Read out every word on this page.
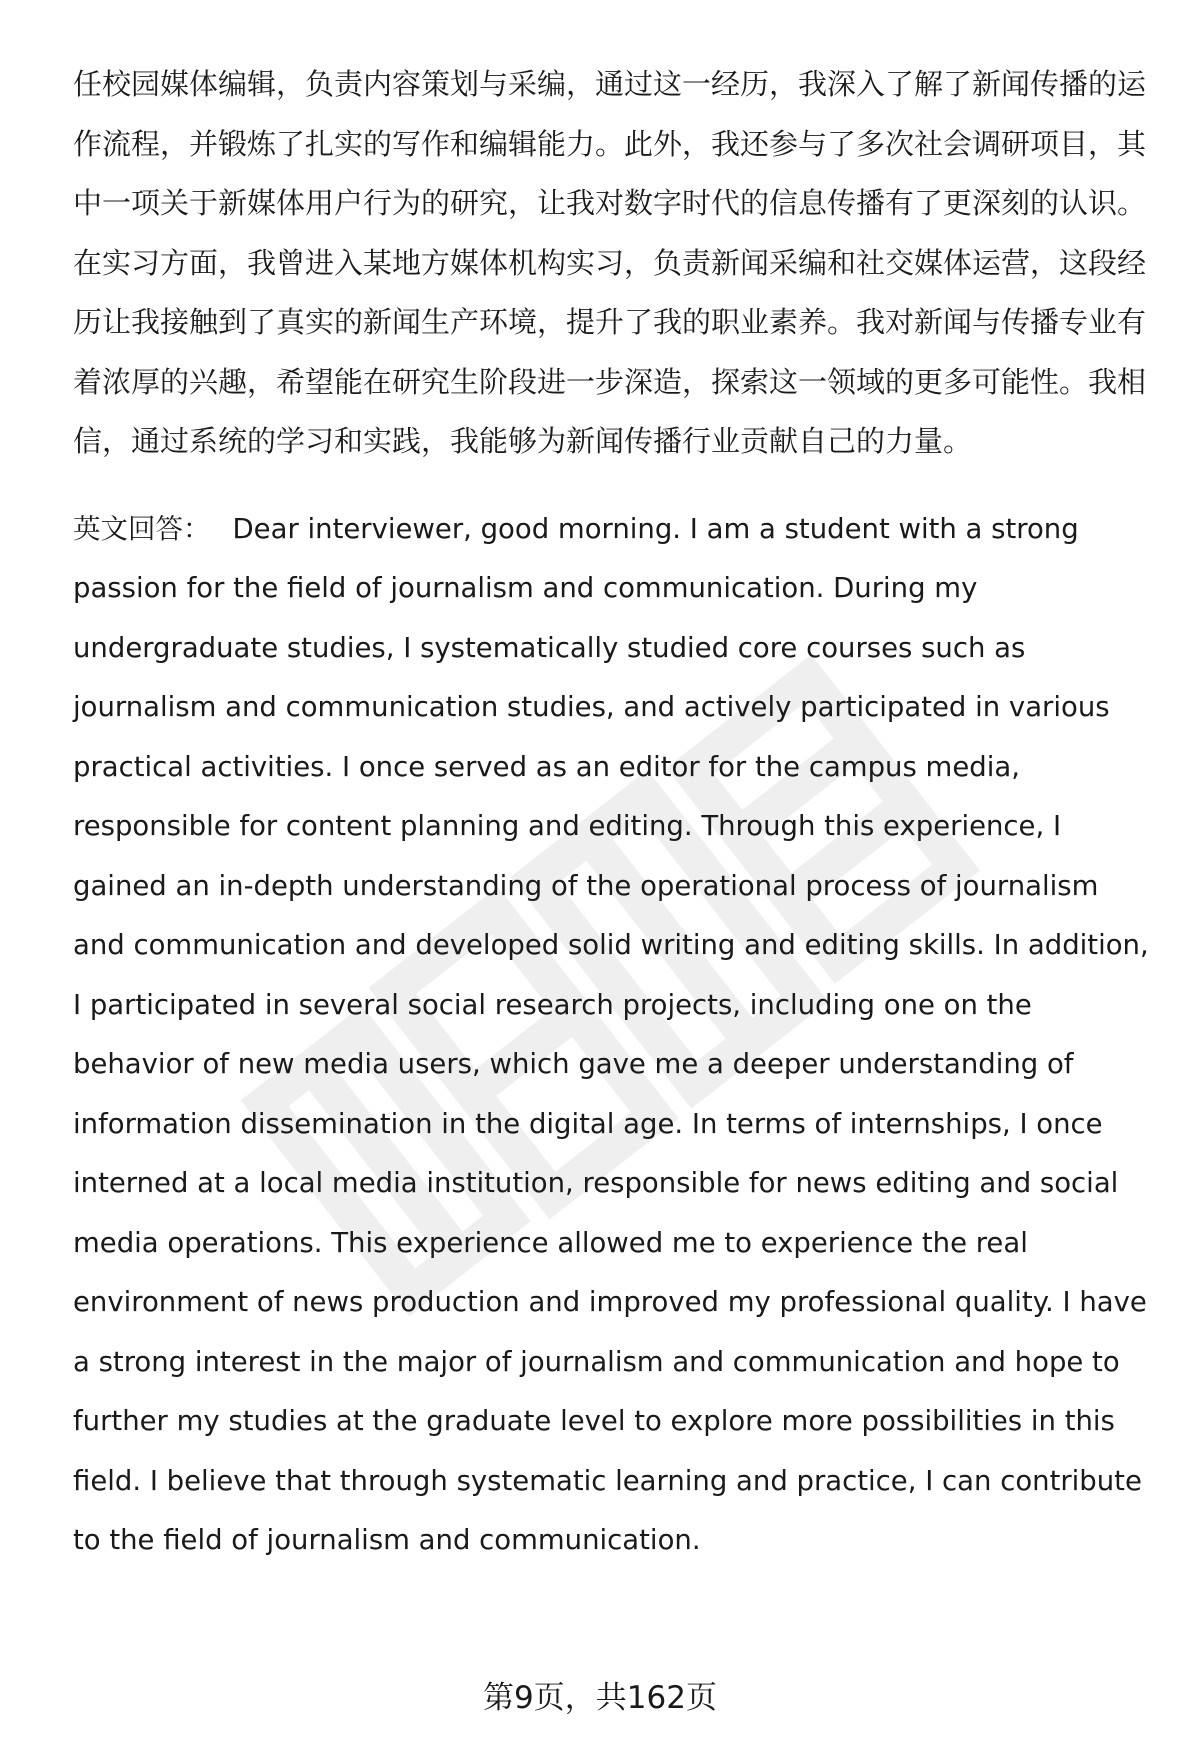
任校园媒体编辑，负责内容策划与采编，通过这一经历，我深入了解了新闻传播的运作流程，并锻炼了扎实的写作和编辑能力。此外，我还参与了多次社会调研项目，其中一项关于新媒体用户行为的研究，让我对数字时代的信息传播有了更深刻的认识。在实习方面，我曾进入某地方媒体机构实习，负责新闻采编和社交媒体运营，这段经历让我接触到了真实的新闻生产环境，提升了我的职业素养。我对新闻与传播专业有着浓厚的兴趣，希望能在研究生阶段进一步深造，探索这一领域的更多可能性。我相信，通过系统的学习和实践，我能够为新闻传播行业贡献自己的力量。

英文回答： Dear interviewer, good morning. I am a student with a strong passion for the field of journalism and communication. During my undergraduate studies, I systematically studied core courses such as journalism and communication studies, and actively participated in various practical activities. I once served as an editor for the campus media, responsible for content planning and editing. Through this experience, I gained an in-depth understanding of the operational process of journalism and communication and developed solid writing and editing skills. In addition, I participated in several social research projects, including one on the behavior of new media users, which gave me a deeper understanding of information dissemination in the digital age. In terms of internships, I once interned at a local media institution, responsible for news editing and social media operations. This experience allowed me to experience the real environment of news production and improved my professional quality. I have a strong interest in the major of journalism and communication and hope to further my studies at the graduate level to explore more possibilities in this field. I believe that through systematic learning and practice, I can contribute to the field of journalism and communication.

第9页，共162页
